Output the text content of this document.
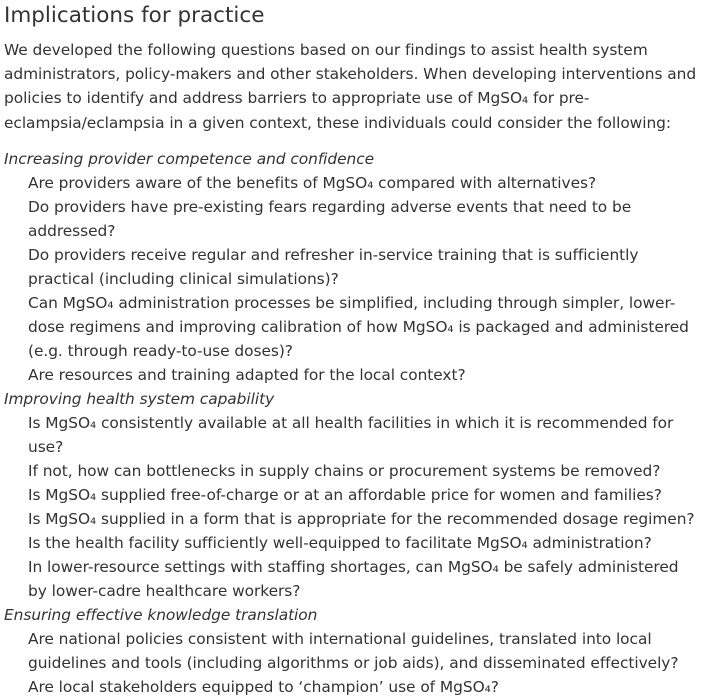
Implications for practice

We developed the following questions based on our findings to assist health system administrators, policy-makers and other stakeholders. When developing interventions and policies to identify and address barriers to appropriate use of MgSO₄ for pre-eclampsia/eclampsia in a given context, these individuals could consider the following:

Increasing provider competence and confidence
Are providers aware of the benefits of MgSO₄ compared with alternatives?
Do providers have pre-existing fears regarding adverse events that need to be addressed?
Do providers receive regular and refresher in-service training that is sufficiently practical (including clinical simulations)?
Can MgSO₄ administration processes be simplified, including through simpler, lower-dose regimens and improving calibration of how MgSO₄ is packaged and administered (e.g. through ready-to-use doses)?
Are resources and training adapted for the local context?
Improving health system capability
Is MgSO₄ consistently available at all health facilities in which it is recommended for use?
If not, how can bottlenecks in supply chains or procurement systems be removed?
Is MgSO₄ supplied free-of-charge or at an affordable price for women and families?
Is MgSO₄ supplied in a form that is appropriate for the recommended dosage regimen?
Is the health facility sufficiently well-equipped to facilitate MgSO₄ administration?
In lower-resource settings with staffing shortages, can MgSO₄ be safely administered by lower-cadre healthcare workers?
Ensuring effective knowledge translation
Are national policies consistent with international guidelines, translated into local guidelines and tools (including algorithms or job aids), and disseminated effectively?
Are local stakeholders equipped to ‘champion’ use of MgSO₄?
